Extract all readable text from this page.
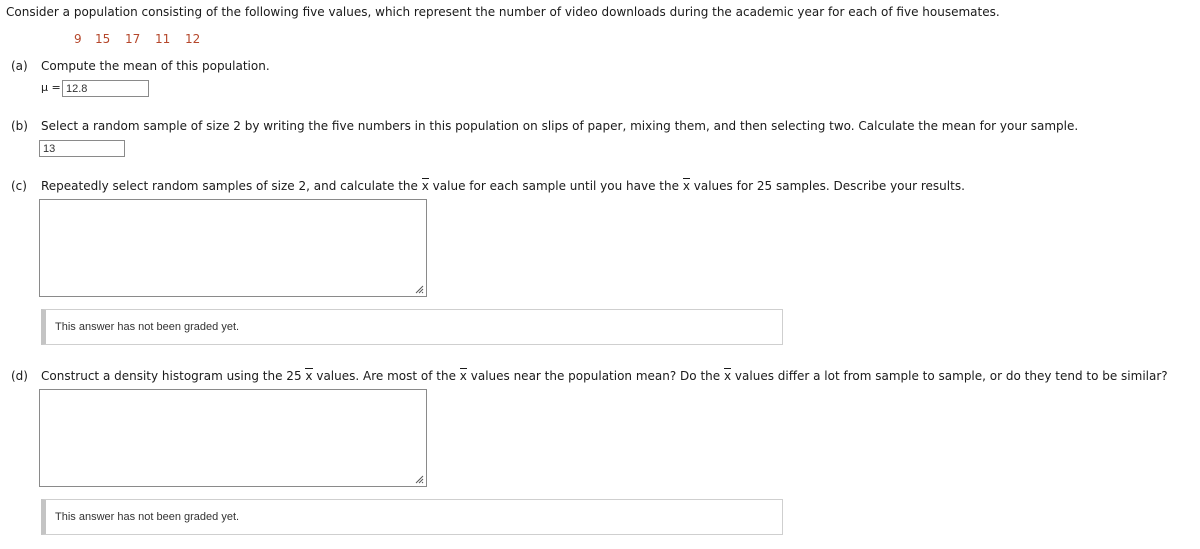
Consider a population consisting of the following five values, which represent the number of video downloads during the academic year for each of five housemates.
9 15 17 11 12
(a) Compute the mean of this population.
μ = 12.8
(b) Select a random sample of size 2 by writing the five numbers in this population on slips of paper, mixing them, and then selecting two. Calculate the mean for your sample.
13
(c) Repeatedly select random samples of size 2, and calculate the x value for each sample until you have the x values for 25 samples. Describe your results.
This answer has not been graded yet.
(d) Construct a density histogram using the 25 x values. Are most of the x values near the population mean? Do the x values differ a lot from sample to sample, or do they tend to be similar?
This answer has not been graded yet.
